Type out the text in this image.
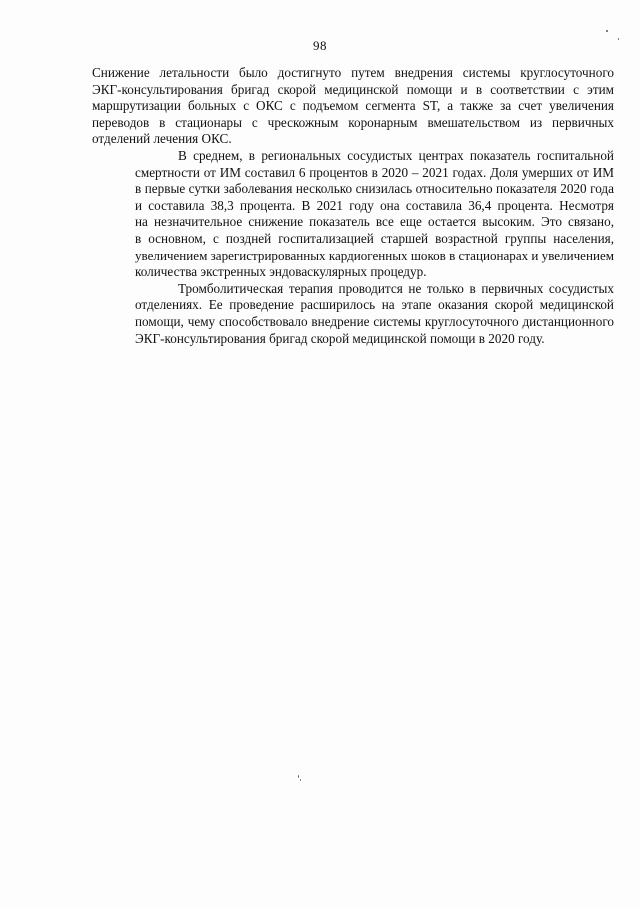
98

Снижение летальности было достигнуто путем внедрения системы круглосуточного
ЭКГ-консультирования бригад скорой медицинской помощи и в соответствии с этим
маршрутизации больных с ОКС с подъемом сегмента ST, а также за счет увеличения
переводов в стационары с чрескожным коронарным вмешательством из первичных
отделений лечения ОКС.

В среднем, в региональных сосудистых центрах показатель госпитальной
смертности от ИМ составил 6 процентов в 2020 – 2021 годах. Доля умерших от ИМ
в первые сутки заболевания несколько снизилась относительно показателя 2020 года
и составила 38,3 процента. В 2021 году она составила 36,4 процента. Несмотря
на незначительное снижение показатель все еще остается высоким. Это связано,
в основном, с поздней госпитализацией старшей возрастной группы населения,
увеличением зарегистрированных кардиогенных шоков в стационарах и увеличением
количества экстренных эндоваскулярных процедур.

Тромболитическая терапия проводится не только в первичных сосудистых
отделениях. Ее проведение расширилось на этапе оказания скорой медицинской
помощи, чему способствовало внедрение системы круглосуточного дистанционного
ЭКГ-консультирования бригад скорой медицинской помощи в 2020 году.
